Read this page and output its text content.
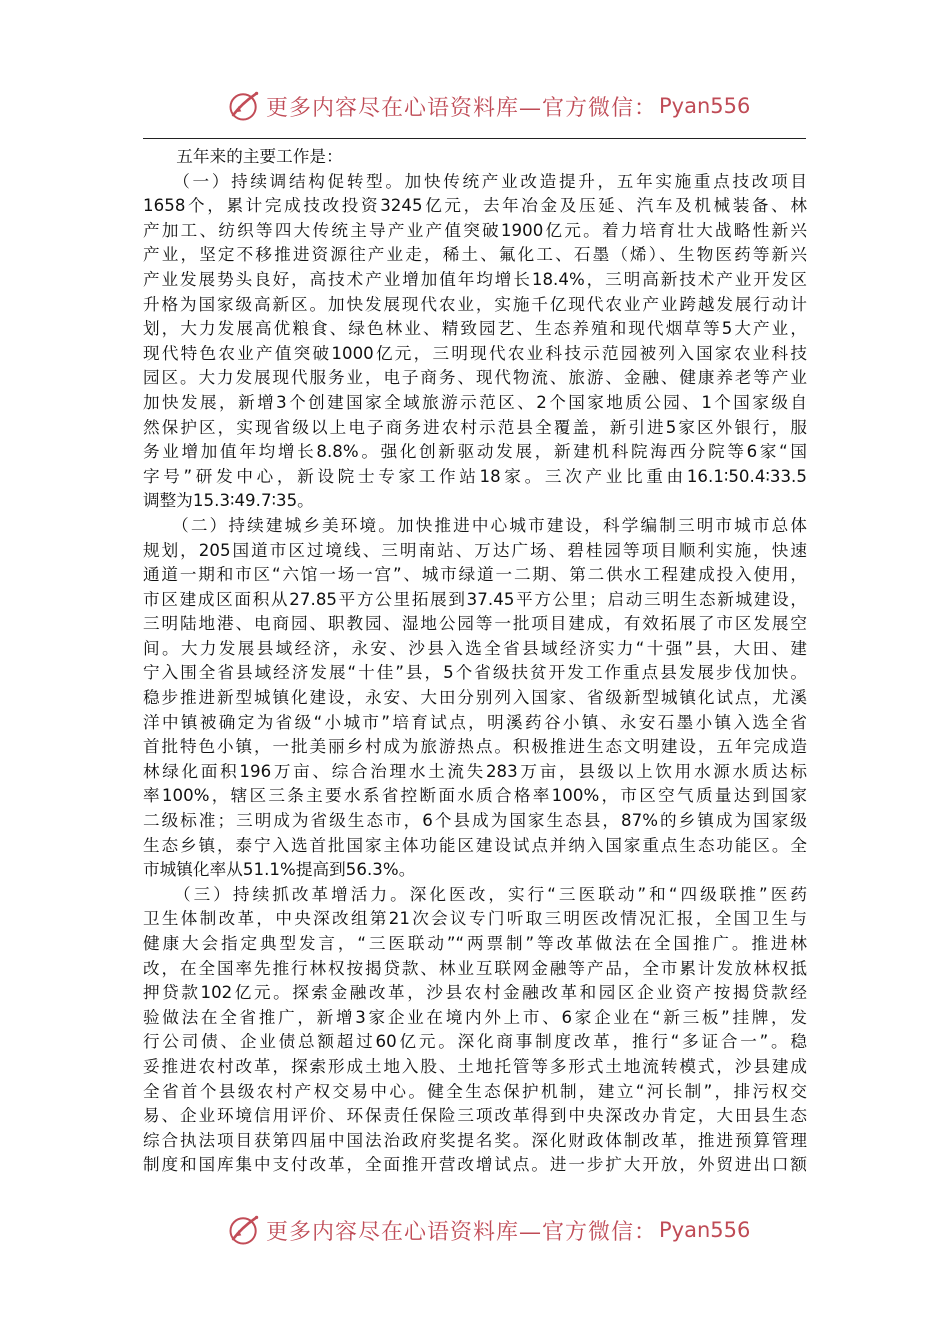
更多内容尽在心语资料库—官方微信： Pyan556
　　五年来的主要工作是：
　　（一）持续调结构促转型。加快传统产业改造提升，五年实施重点技改项目
1658个，累计完成技改投资3245亿元，去年冶金及压延、汽车及机械装备、林
产加工、纺织等四大传统主导产业产值突破1900亿元。着力培育壮大战略性新兴
产业，坚定不移推进资源往产业走，稀土、氟化工、石墨（烯）、生物医药等新兴
产业发展势头良好，高技术产业增加值年均增长18.4%，三明高新技术产业开发区
升格为国家级高新区。加快发展现代农业，实施千亿现代农业产业跨越发展行动计
划，大力发展高优粮食、绿色林业、精致园艺、生态养殖和现代烟草等5大产业，
现代特色农业产值突破1000亿元，三明现代农业科技示范园被列入国家农业科技
园区。大力发展现代服务业，电子商务、现代物流、旅游、金融、健康养老等产业
加快发展，新增3个创建国家全域旅游示范区、2个国家地质公园、1个国家级自
然保护区，实现省级以上电子商务进农村示范县全覆盖，新引进5家区外银行，服
务业增加值年均增长8.8%。强化创新驱动发展，新建机科院海西分院等6家“国
字号”研发中心，新设院士专家工作站18家。三次产业比重由16.1∶50.4∶33.5
调整为15.3∶49.7∶35。
　　（二）持续建城乡美环境。加快推进中心城市建设，科学编制三明市城市总体
规划，205国道市区过境线、三明南站、万达广场、碧桂园等项目顺利实施，快速
通道一期和市区“六馆一场一宫”、城市绿道一二期、第二供水工程建成投入使用，
市区建成区面积从27.85平方公里拓展到37.45平方公里；启动三明生态新城建设，
三明陆地港、电商园、职教园、湿地公园等一批项目建成，有效拓展了市区发展空
间。大力发展县域经济，永安、沙县入选全省县域经济实力“十强”县，大田、建
宁入围全省县域经济发展“十佳”县，5个省级扶贫开发工作重点县发展步伐加快。
稳步推进新型城镇化建设，永安、大田分别列入国家、省级新型城镇化试点，尤溪
洋中镇被确定为省级“小城市”培育试点，明溪药谷小镇、永安石墨小镇入选全省
首批特色小镇，一批美丽乡村成为旅游热点。积极推进生态文明建设，五年完成造
林绿化面积196万亩、综合治理水土流失283万亩，县级以上饮用水源水质达标
率100%，辖区三条主要水系省控断面水质合格率100%，市区空气质量达到国家
二级标准；三明成为省级生态市，6个县成为国家生态县，87%的乡镇成为国家级
生态乡镇，泰宁入选首批国家主体功能区建设试点并纳入国家重点生态功能区。全
市城镇化率从51.1%提高到56.3%。
　　（三）持续抓改革增活力。深化医改，实行“三医联动”和“四级联推”医药
卫生体制改革，中央深改组第21次会议专门听取三明医改情况汇报，全国卫生与
健康大会指定典型发言，“三医联动”“两票制”等改革做法在全国推广。推进林
改，在全国率先推行林权按揭贷款、林业互联网金融等产品，全市累计发放林权抵
押贷款102亿元。探索金融改革，沙县农村金融改革和园区企业资产按揭贷款经
验做法在全省推广，新增3家企业在境内外上市、6家企业在“新三板”挂牌，发
行公司债、企业债总额超过60亿元。深化商事制度改革，推行“多证合一”。稳
妥推进农村改革，探索形成土地入股、土地托管等多形式土地流转模式，沙县建成
全省首个县级农村产权交易中心。健全生态保护机制，建立“河长制”，排污权交
易、企业环境信用评价、环保责任保险三项改革得到中央深改办肯定，大田县生态
综合执法项目获第四届中国法治政府奖提名奖。深化财政体制改革，推进预算管理
制度和国库集中支付改革，全面推开营改增试点。进一步扩大开放，外贸进出口额
更多内容尽在心语资料库—官方微信： Pyan556
